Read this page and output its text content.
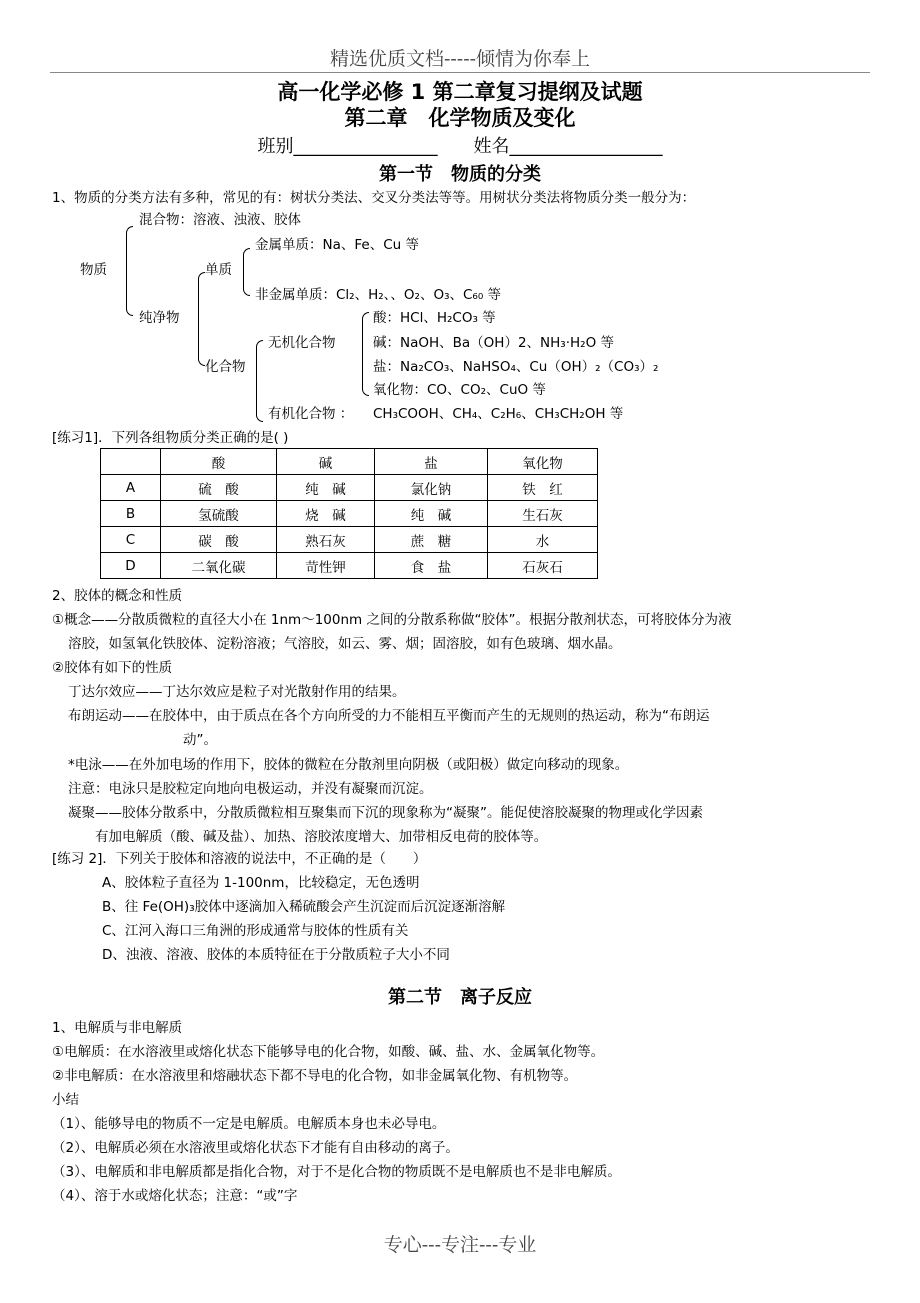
精选优质文档-----倾情为你奉上
高一化学必修 1 第二章复习提纲及试题
第二章　化学物质及变化
班别________________　　姓名_________________
第一节　物质的分类
1、物质的分类方法有多种，常见的有：树状分类法、交叉分类法等等。用树状分类法将物质分类一般分为：
混合物：溶液、浊液、胶体
物质
金属单质：Na、Fe、Cu 等
单质
非金属单质：Cl₂、H₂、、O₂、O₃、C₆₀ 等
纯净物	酸：HCl、H₂CO₃ 等
无机化合物	碱：NaOH、Ba（OH）2、NH₃·H₂O 等
化合物	盐：Na₂CO₃、NaHSO₄、Cu（OH）₂（CO₃）₂
氧化物：CO、CO₂、CuO 等
有机化合物 ： CH₃COOH、CH₄、C₂H₆、CH₃CH₂OH 等
[练习1]．下列各组物质分类正确的是( )
	酸	碱	盐	氧化物
A	硫　酸	纯　碱	氯化钠	铁　红
B	氢硫酸	烧　碱	纯　碱	生石灰
C	碳　酸	熟石灰	蔗　糖	水
D	二氧化碳	苛性钾	食　盐	石灰石
2、胶体的概念和性质
①概念——分散质微粒的直径大小在 1nm～100nm 之间的分散系称做“胶体”。根据分散剂状态，可将胶体分为液
溶胶，如氢氧化铁胶体、淀粉溶液；气溶胶，如云、雾、烟；固溶胶，如有色玻璃、烟水晶。
②胶体有如下的性质
丁达尔效应——丁达尔效应是粒子对光散射作用的结果。
布朗运动——在胶体中，由于质点在各个方向所受的力不能相互平衡而产生的无规则的热运动，称为“布朗运
动”。
*电泳——在外加电场的作用下，胶体的微粒在分散剂里向阴极（或阳极）做定向移动的现象。
注意：电泳只是胶粒定向地向电极运动，并没有凝聚而沉淀。
凝聚——胶体分散系中，分散质微粒相互聚集而下沉的现象称为“凝聚”。能促使溶胶凝聚的物理或化学因素
有加电解质（酸、碱及盐）、加热、溶胶浓度增大、加带相反电荷的胶体等。
[练习 2]．下列关于胶体和溶液的说法中，不正确的是（　　）
A、胶体粒子直径为 1-100nm，比较稳定，无色透明
B、往 Fe(OH)₃胶体中逐滴加入稀硫酸会产生沉淀而后沉淀逐渐溶解
C、江河入海口三角洲的形成通常与胶体的性质有关
D、浊液、溶液、胶体的本质特征在于分散质粒子大小不同
第二节　离子反应
1、电解质与非电解质
①电解质：在水溶液里或熔化状态下能够导电的化合物，如酸、碱、盐、水、金属氧化物等。
②非电解质：在水溶液里和熔融状态下都不导电的化合物，如非金属氧化物、有机物等。
小结
（1）、能够导电的物质不一定是电解质。电解质本身也未必导电。
（2）、电解质必须在水溶液里或熔化状态下才能有自由移动的离子。
（3）、电解质和非电解质都是指化合物，对于不是化合物的物质既不是电解质也不是非电解质。
（4）、溶于水或熔化状态；注意：“或”字
专心---专注---专业
